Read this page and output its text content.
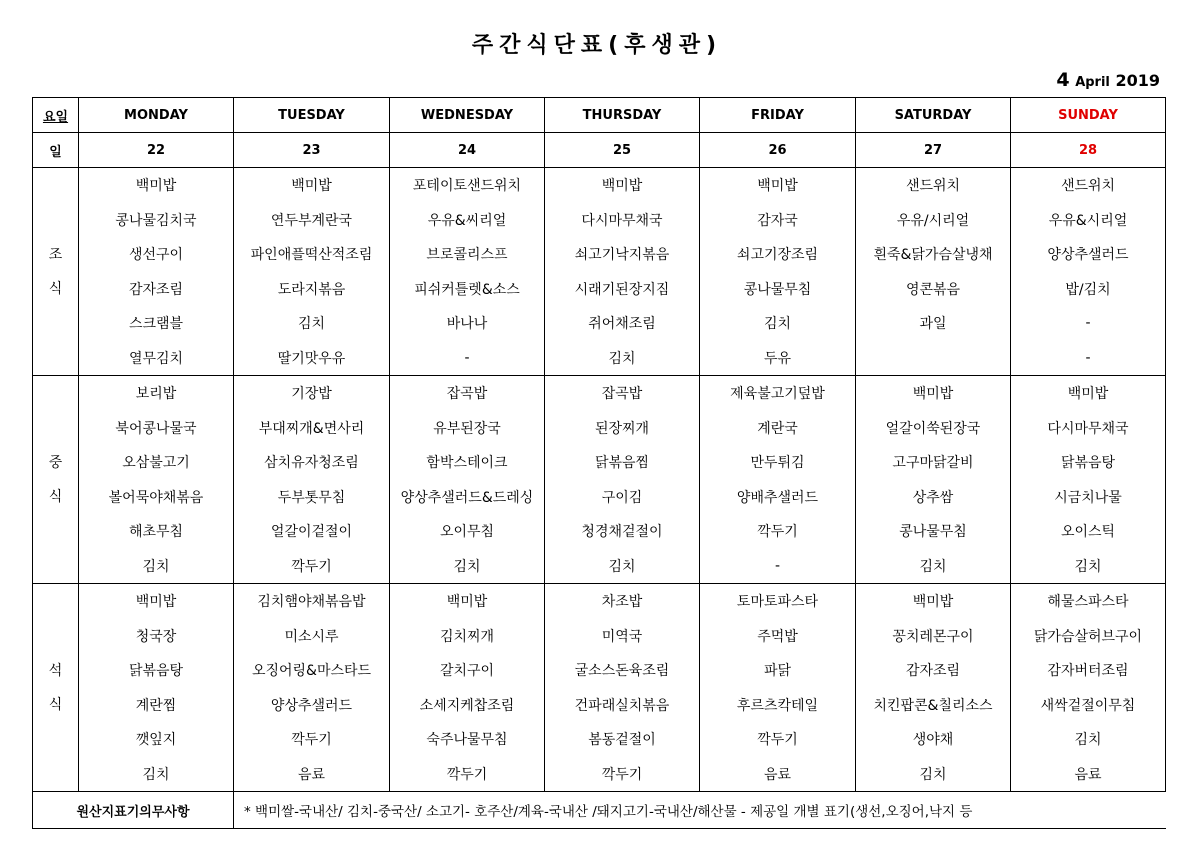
주간식단표(후생관)
4 April 2019
요일	MONDAY	TUESDAY	WEDNESDAY	THURSDAY	FRIDAY	SATURDAY	SUNDAY
일	22	23	24	25	26	27	28
조
식	백미밥	백미밥	포테이토샌드위치	백미밥	백미밥	샌드위치	샌드위치
	콩나물김치국	연두부계란국	우유&씨리얼	다시마무채국	감자국	우유/시리얼	우유&시리얼
	생선구이	파인애플떡산적조림	브로콜리스프	쇠고기낙지볶음	쇠고기장조림	흰죽&닭가슴살냉채	양상추샐러드
	감자조림	도라지볶음	피쉬커틀렛&소스	시래기된장지짐	콩나물무침	영콘볶음	밥/김치
	스크램블	김치	바나나	쥐어채조림	김치	과일	-
	열무김치	딸기맛우유	-	김치	두유		-
중
식	보리밥	기장밥	잡곡밥	잡곡밥	제육불고기덮밥	백미밥	백미밥
	북어콩나물국	부대찌개&면사리	유부된장국	된장찌개	계란국	얼갈이쑥된장국	다시마무채국
	오삼불고기	삼치유자청조림	함박스테이크	닭볶음찜	만두튀김	고구마닭갈비	닭볶음탕
	볼어묵야채볶음	두부톳무침	양상추샐러드&드레싱	구이김	양배추샐러드	상추쌈	시금치나물
	해초무침	얼갈이겉절이	오이무침	청경채겉절이	깍두기	콩나물무침	오이스틱
	김치	깍두기	김치	김치	-	김치	김치
석
식	백미밥	김치햄야채볶음밥	백미밥	차조밥	토마토파스타	백미밥	해물스파스타
	청국장	미소시루	김치찌개	미역국	주먹밥	꽁치레몬구이	닭가슴살허브구이
	닭볶음탕	오징어링&마스타드	갈치구이	굴소스돈육조림	파닭	감자조림	감자버터조림
	계란찜	양상추샐러드	소세지케찹조림	건파래실치볶음	후르츠칵테일	치킨팝콘&칠리소스	새싹겉절이무침
	깻잎지	깍두기	숙주나물무침	봄동겉절이	깍두기	생야채	김치
	김치	음료	깍두기	깍두기	음료	김치	음료
원산지표기의무사항		* 백미쌀-국내산/ 김치-중국산/ 소고기- 호주산/계육-국내산 /돼지고기-국내산/해산물 - 제공일 개별 표기(생선,오징어,낙지 등					
